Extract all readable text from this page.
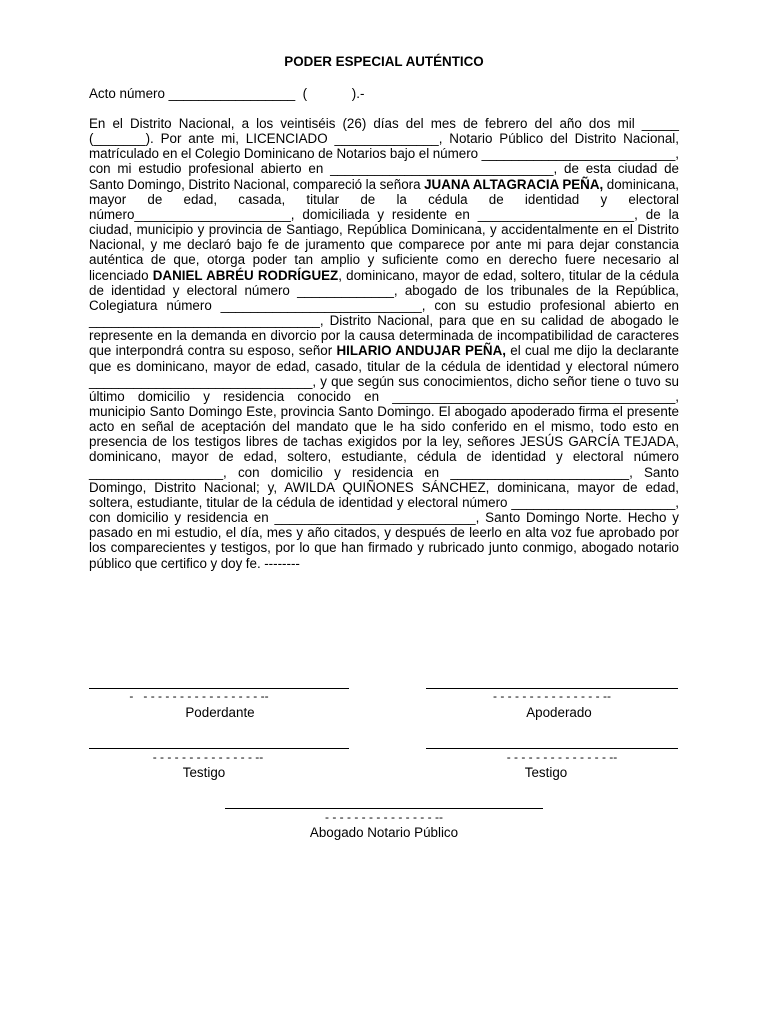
PODER ESPECIAL AUTÉNTICO

Acto número _________________  (            ).-

En el Distrito Nacional, a los veintiséis (26) días del mes de febrero del año dos mil _____ (_______). Por ante mi, LICENCIADO ______________, Notario Público del Distrito Nacional, matrículado en el Colegio Dominicano de Notarios bajo el número __________________________, con mi estudio profesional abierto en ______________________________, de esta ciudad de Santo Domingo, Distrito Nacional, compareció la señora JUANA ALTAGRACIA PEÑA, dominicana, mayor de edad, casada, titular de la cédula de identidad y electoral número_____________________, domiciliada y residente en _____________________, de la ciudad, municipio y provincia de Santiago, República Dominicana, y accidentalmente en el Distrito Nacional, y me declaró bajo fe de juramento que comparece por ante mi para dejar constancia auténtica de que, otorga poder tan amplio y suficiente como en derecho fuere necesario al licenciado DANIEL ABRÉU RODRÍGUEZ, dominicano, mayor de edad, soltero, titular de la cédula de identidad y electoral número _____________, abogado de los tribunales de la República, Colegiatura número ___________________________, con su estudio profesional abierto en _______________________________, Distrito Nacional, para que en su calidad de abogado le represente en la demanda en divorcio por la causa determinada de incompatibilidad de caracteres que interpondrá contra su esposo, señor HILARIO ANDUJAR PEÑA, el cual me dijo la declarante que es dominicano, mayor de edad, casado, titular de la cédula de identidad y electoral número ______________________________, y que según sus conocimientos, dicho señor tiene o tuvo su último domicilio y residencia conocido en ______________________________________, municipio Santo Domingo Este, provincia Santo Domingo. El abogado apoderado firma el presente acto en señal de aceptación del mandato que le ha sido conferido en el mismo, todo esto en presencia de los testigos libres de tachas exigidos por la ley, señores JESÚS GARCÍA TEJADA, dominicano, mayor de edad, soltero, estudiante, cédula de identidad y electoral número __________________, con domicilio y residencia en ________________________, Santo Domingo, Distrito Nacional; y, AWILDA QUIÑONES SÁNCHEZ, dominicana, mayor de edad, soltera, estudiante, titular de la cédula de identidad y electoral número ______________________, con domicilio y residencia en ___________________________, Santo Domingo Norte. Hecho y pasado en mi estudio, el día, mes y año citados, y después de leerlo en alta voz fue aprobado por los comparecientes y testigos, por lo que han firmado y rubricado junto conmigo, abogado notario público que certifico y doy fe. --------

-   - - - - - - - - - - - - - - - - --
Poderdante
- - - - - - - - - - - - - - - --
Apoderado
- - - - - - - - - - - - - - --
Testigo
- - - - - - - - - - - - - - --
Testigo
- - - - - - - - - - - - - - - --
Abogado Notario Público
